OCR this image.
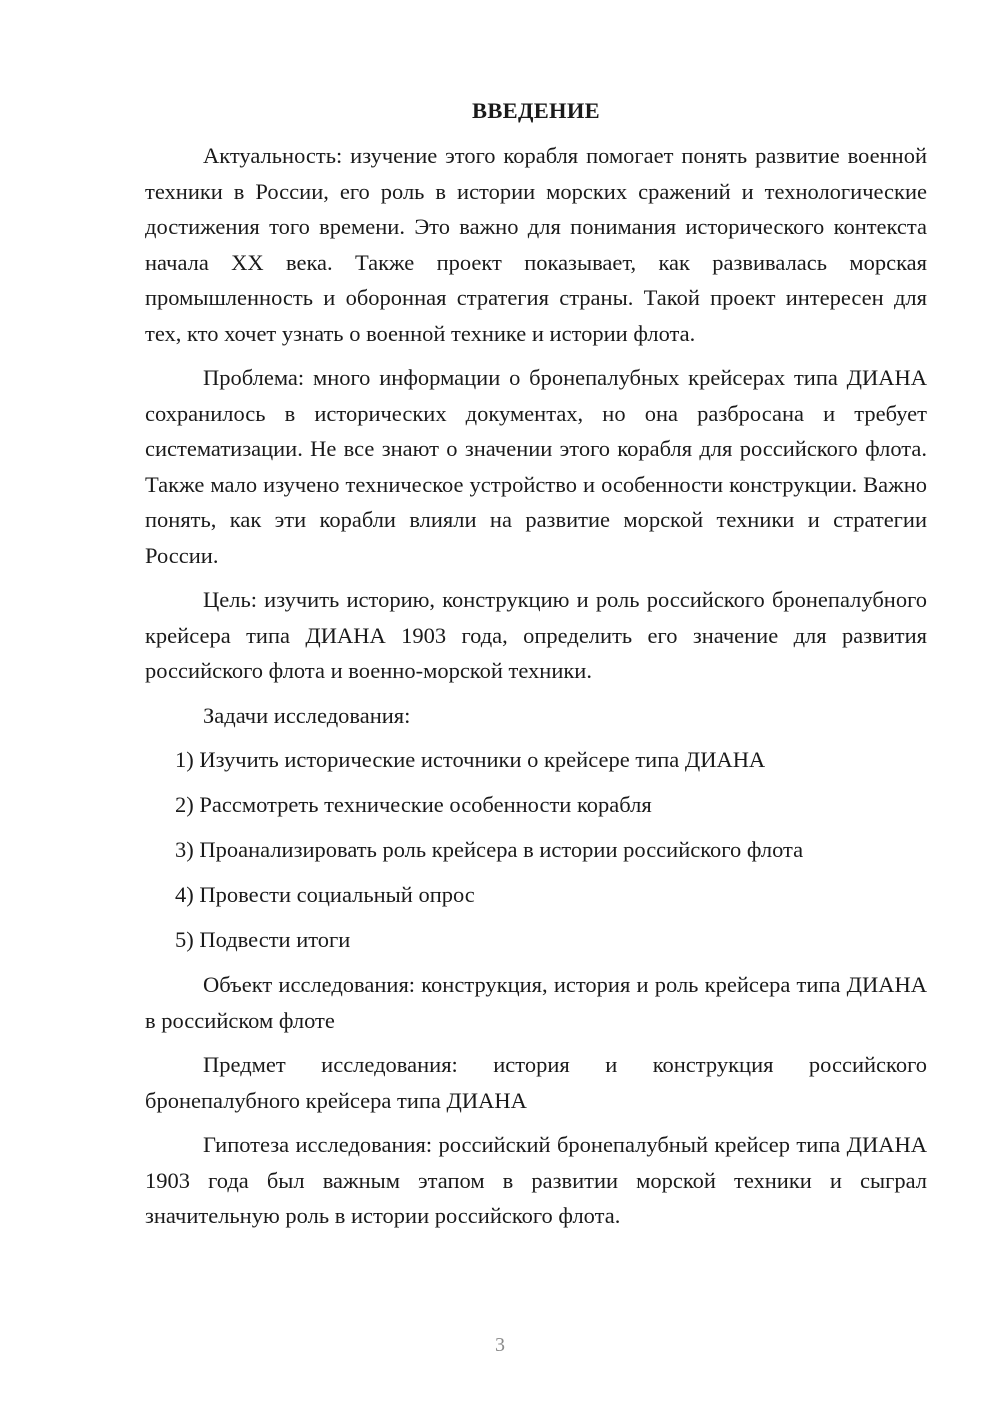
ВВЕДЕНИЕ

Актуальность: изучение этого корабля помогает понять развитие военной техники в России, его роль в истории морских сражений и технологические достижения того времени. Это важно для понимания исторического контекста начала XX века. Также проект показывает, как развивалась морская промышленность и оборонная стратегия страны. Такой проект интересен для тех, кто хочет узнать о военной технике и истории флота.

Проблема: много информации о бронепалубных крейсерах типа ДИАНА сохранилось в исторических документах, но она разбросана и требует систематизации. Не все знают о значении этого корабля для российского флота. Также мало изучено техническое устройство и особенности конструкции. Важно понять, как эти корабли влияли на развитие морской техники и стратегии России.

Цель: изучить историю, конструкцию и роль российского бронепалубного крейсера типа ДИАНА 1903 года, определить его значение для развития российского флота и военно-морской техники.

Задачи исследования:

1) Изучить исторические источники о крейсере типа ДИАНА
2) Рассмотреть технические особенности корабля
3) Проанализировать роль крейсера в истории российского флота
4) Провести социальный опрос
5) Подвести итоги

Объект исследования: конструкция, история и роль крейсера типа ДИАНА в российском флоте

Предмет исследования: история и конструкция российского бронепалубного крейсера типа ДИАНА

Гипотеза исследования: российский бронепалубный крейсер типа ДИАНА 1903 года был важным этапом в развитии морской техники и сыграл значительную роль в истории российского флота.

3
